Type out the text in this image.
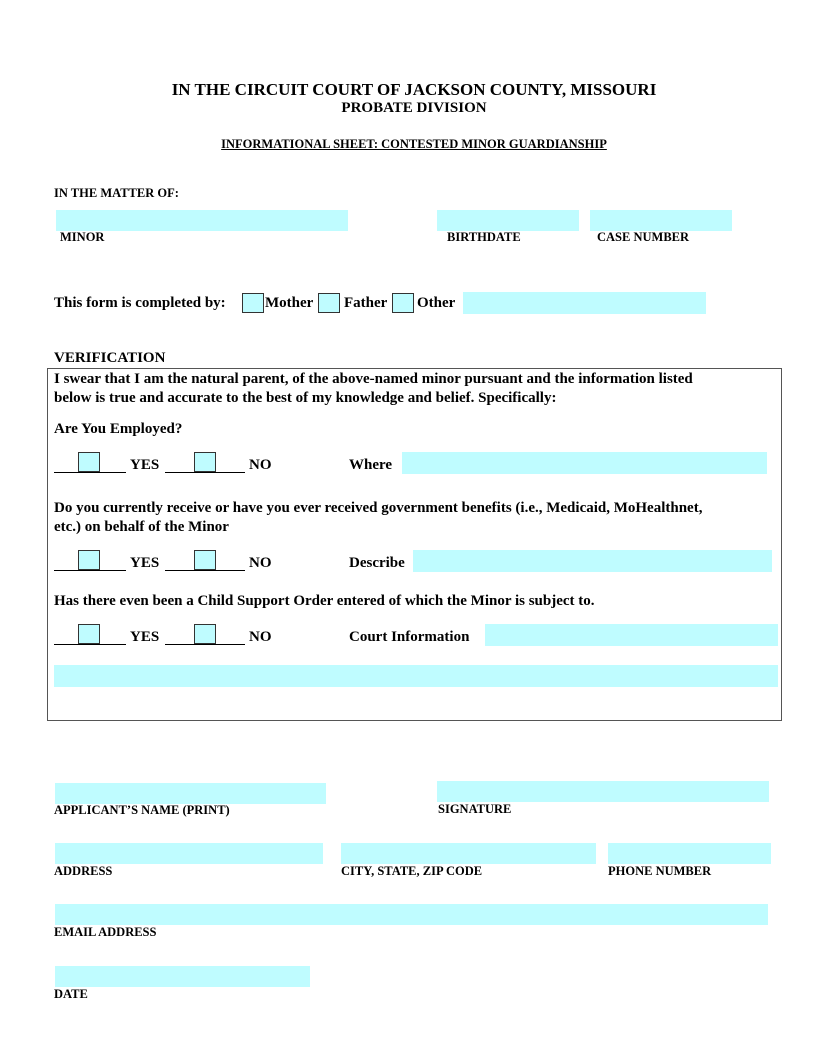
IN THE CIRCUIT COURT OF JACKSON COUNTY, MISSOURI
PROBATE DIVISION
INFORMATIONAL SHEET: CONTESTED MINOR GUARDIANSHIP
IN THE MATTER OF:
MINOR	BIRTHDATE	CASE NUMBER
This form is completed by:	Mother Father Other
VERIFICATION
I swear that I am the natural parent, of the above-named minor pursuant and the information listed
below is true and accurate to the best of my knowledge and belief. Specifically:
Are You Employed?
YES	NO	Where
Do you currently receive or have you ever received government benefits (i.e., Medicaid, MoHealthnet,
etc.) on behalf of the Minor
YES	NO	Describe
Has there even been a Child Support Order entered of which the Minor is subject to.
YES	NO	Court Information
APPLICANT’S NAME (PRINT)	SIGNATURE
ADDRESS	CITY, STATE, ZIP CODE	PHONE NUMBER
EMAIL ADDRESS
DATE
